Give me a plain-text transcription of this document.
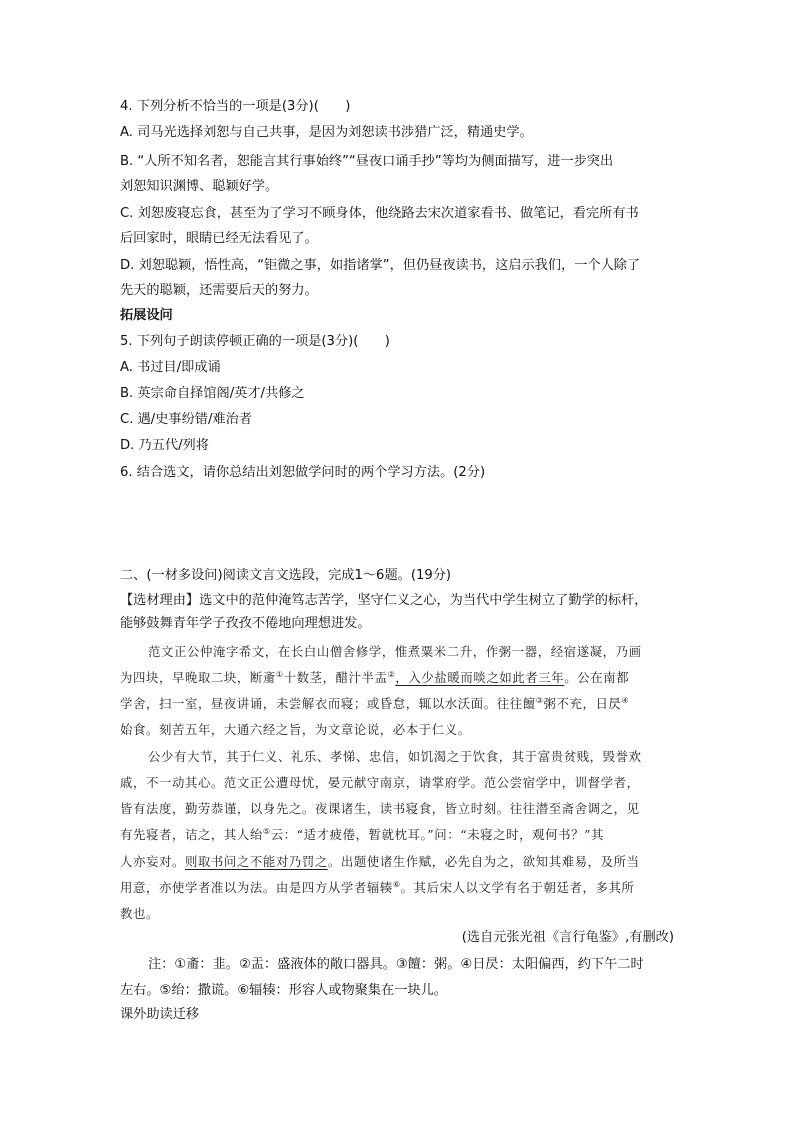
4. 下列分析不恰当的一项是(3分)(　　)
A. 司马光选择刘恕与自己共事，是因为刘恕读书涉猎广泛，精通史学。
B. “人所不知名者，恕能言其行事始终”“昼夜口诵手抄”等均为侧面描写，进一步突出
刘恕知识渊博、聪颖好学。
C. 刘恕废寝忘食，甚至为了学习不顾身体，他绕路去宋次道家看书、做笔记，看完所有书
后回家时，眼睛已经无法看见了。
D. 刘恕聪颖，悟性高，“钜微之事，如指诸掌”，但仍昼夜读书，这启示我们，一个人除了
先天的聪颖，还需要后天的努力。
拓展设问
5. 下列句子朗读停顿正确的一项是(3分)(　　)
A. 书过目/即成诵
B. 英宗命自择馆阁/英才/共修之
C. 遇/史事纷错/难治者
D. 乃五代/列将
6. 结合选文，请你总结出刘恕做学问时的两个学习方法。(2分)
二、(一材多设问)阅读文言文选段，完成1～6题。(19分)
【选材理由】选文中的范仲淹笃志苦学，坚守仁义之心，为当代中学生树立了勤学的标杆，
能够鼓舞青年学子孜孜不倦地向理想进发。
范文正公仲淹字希文，在长白山僧舍修学，惟煮粟米二升，作粥一器，经宿遂凝，乃画
为四块，早晚取二块，断齑①十数茎，醋汁半盂②，入少盐暖而啖之如此者三年。公在南都
学舍，扫一室，昼夜讲诵，未尝解衣而寝；或昏怠，辄以水沃面。往往饘③粥不充，日昃④
始食。刻苦五年，大通六经之旨，为文章论说，必本于仁义。
公少有大节，其于仁义、礼乐、孝悌、忠信，如饥渴之于饮食，其于富贵贫贱，毁誉欢
戚，不一动其心。范文正公遭母忧，晏元献守南京，请掌府学。范公尝宿学中，训督学者，
皆有法度，勤劳恭谨，以身先之。夜课诸生，读书寝食，皆立时刻。往往潜至斋舍调之，见
有先寝者，诘之，其人绐⑤云：“适才疲倦，暂就枕耳。”问：“未寝之时，观何书？”其
人亦妄对。则取书问之不能对乃罚之。出题使诸生作赋，必先自为之，欲知其难易，及所当
用意，亦使学者准以为法。由是四方从学者辐辏⑥。其后宋人以文学有名于朝廷者，多其所
教也。
(选自元张光祖《言行龟鉴》,有删改)
注：①齑：韭。②盂：盛液体的敞口器具。③饘：粥。④日昃：太阳偏西，约下午二时
左右。⑤绐：撒谎。⑥辐辏：形容人或物聚集在一块儿。
课外助读迁移
